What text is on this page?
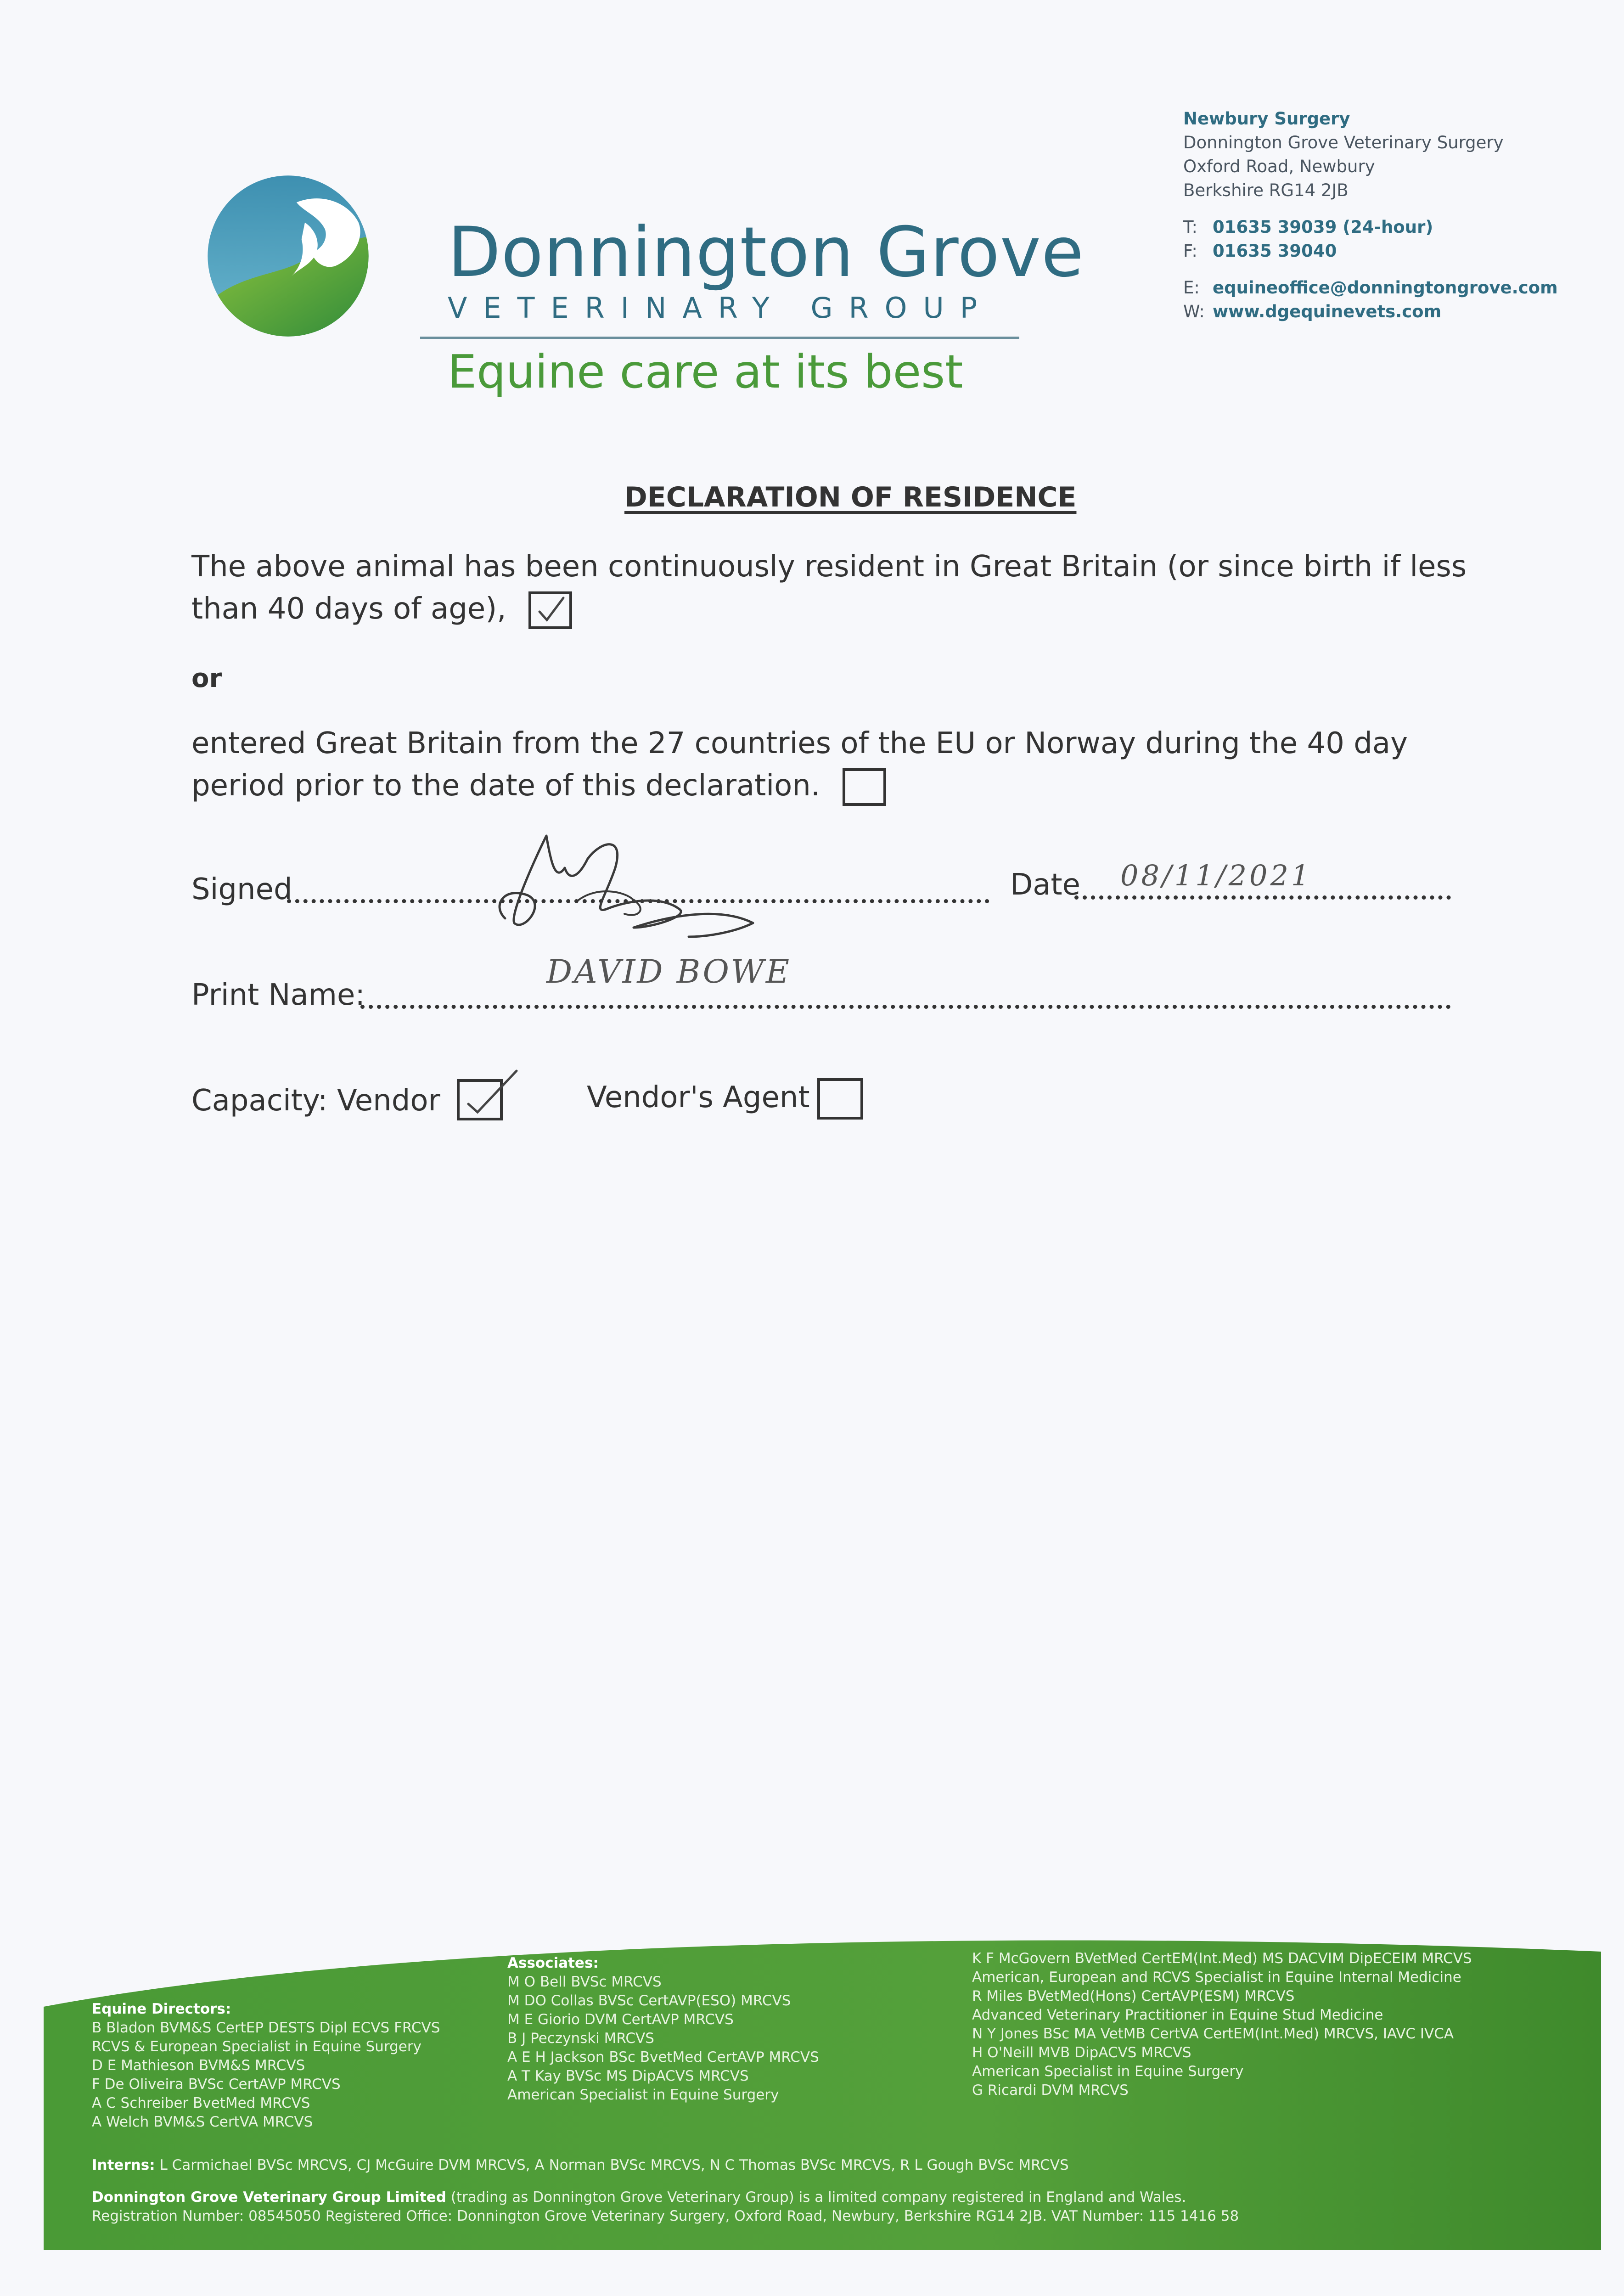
Donnington Grove
VETERINARY GROUP
Equine care at its best
Newbury Surgery
Donnington Grove Veterinary Surgery
Oxford Road, Newbury
Berkshire RG14 2JB
T: 01635 39039 (24-hour)
F: 01635 39040
E: equineoffice@donningtongrove.com
W: www.dgequinevets.com
DECLARATION OF RESIDENCE
The above animal has been continuously resident in Great Britain (or since birth if less than 40 days of age),
or
entered Great Britain from the 27 countries of the EU or Norway during the 40 day period prior to the date of this declaration.
Signed	Date 08/11/2021
Print Name:
DAVID BOWE
Capacity: Vendor	Vendor's Agent
Equine Directors:
B Bladon BVM&S CertEP DESTS Dipl ECVS FRCVS
RCVS & European Specialist in Equine Surgery
D E Mathieson BVM&S MRCVS
F De Oliveira BVSc CertAVP MRCVS
A C Schreiber BvetMed MRCVS
A Welch BVM&S CertVA MRCVS
Associates:
M O Bell BVSc MRCVS
M DO Collas BVSc CertAVP(ESO) MRCVS
M E Giorio DVM CertAVP MRCVS
B J Peczynski MRCVS
A E H Jackson BSc BvetMed CertAVP MRCVS
A T Kay BVSc MS DipACVS MRCVS
American Specialist in Equine Surgery
K F McGovern BVetMed CertEM(Int.Med) MS DACVIM DipECEIM MRCVS
American, European and RCVS Specialist in Equine Internal Medicine
R Miles BVetMed(Hons) CertAVP(ESM) MRCVS
Advanced Veterinary Practitioner in Equine Stud Medicine
N Y Jones BSc MA VetMB CertVA CertEM(Int.Med) MRCVS, IAVC IVCA
H O'Neill MVB DipACVS MRCVS
American Specialist in Equine Surgery
G Ricardi DVM MRCVS
Interns: L Carmichael BVSc MRCVS, CJ McGuire DVM MRCVS, A Norman BVSc MRCVS, N C Thomas BVSc MRCVS, R L Gough BVSc MRCVS
Donnington Grove Veterinary Group Limited (trading as Donnington Grove Veterinary Group) is a limited company registered in England and Wales.
Registration Number: 08545050 Registered Office: Donnington Grove Veterinary Surgery, Oxford Road, Newbury, Berkshire RG14 2JB. VAT Number: 115 1416 58
